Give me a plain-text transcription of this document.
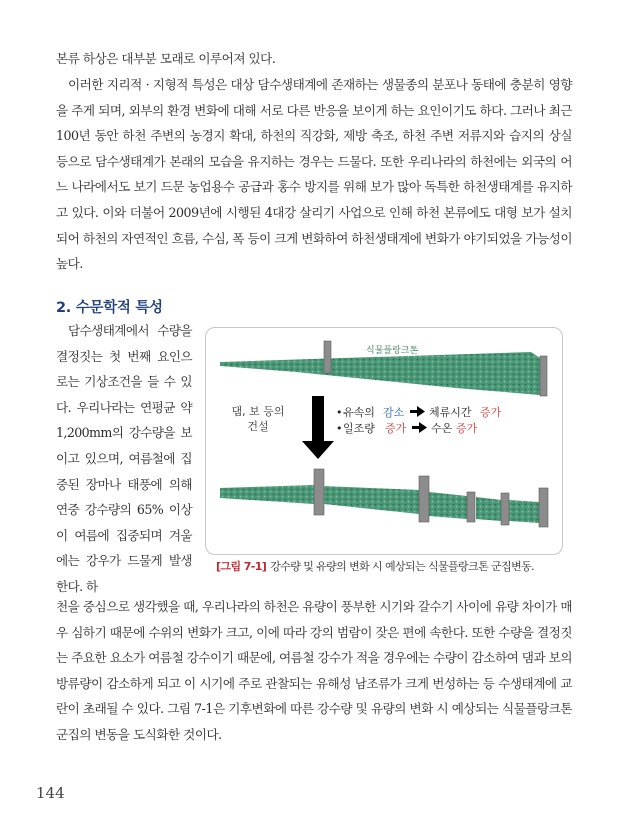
본류 하상은 대부분 모래로 이루어져 있다.

이러한 지리적 · 지형적 특성은 대상 담수생태계에 존재하는 생물종의 분포나 동태에 충분히 영향을 주게 되며, 외부의 환경 변화에 대해 서로 다른 반응을 보이게 하는 요인이기도 하다. 그러나 최근 100년 동안 하천 주변의 농경지 확대, 하천의 직강화, 제방 축조, 하천 주변 저류지와 습지의 상실 등으로 담수생태계가 본래의 모습을 유지하는 경우는 드물다. 또한 우리나라의 하천에는 외국의 어느 나라에서도 보기 드문 농업용수 공급과 홍수 방지를 위해 보가 많아 독특한 하천생태계를 유지하고 있다. 이와 더불어 2009년에 시행된 4대강 살리기 사업으로 인해 하천 본류에도 대형 보가 설치되어 하천의 자연적인 흐름, 수심, 폭 등이 크게 변화하여 하천생태계에 변화가 야기되었을 가능성이 높다.

2. 수문학적 특성

담수생태계에서 수량을 결정짓는 첫 번째 요인으로는 기상조건을 들 수 있다. 우리나라는 연평균 약 1,200mm의 강수량을 보이고 있으며, 여름철에 집중된 장마나 태풍에 의해 연중 강수량의 65% 이상이 여름에 집중되며 겨울에는 강우가 드물게 발생한다. 하

식물플랑크톤
댐, 보 등의
건설
• 유속의 감소 체류시간 증가
• 일조량 증가 수온 증가
[그림 7-1] 강수량 및 유량의 변화 시 예상되는 식물플랑크톤 군집변동.

천을 중심으로 생각했을 때, 우리나라의 하천은 유량이 풍부한 시기와 갈수기 사이에 유량 차이가 매우 심하기 때문에 수위의 변화가 크고, 이에 따라 강의 범람이 잦은 편에 속한다. 또한 수량을 결정짓는 주요한 요소가 여름철 강수이기 때문에, 여름철 강수가 적을 경우에는 수량이 감소하여 댐과 보의 방류량이 감소하게 되고 이 시기에 주로 관찰되는 유해성 남조류가 크게 번성하는 등 수생태계에 교란이 초래될 수 있다. 그림 7-1은 기후변화에 따른 강수량 및 유량의 변화 시 예상되는 식물플랑크톤 군집의 변동을 도식화한 것이다.

144
